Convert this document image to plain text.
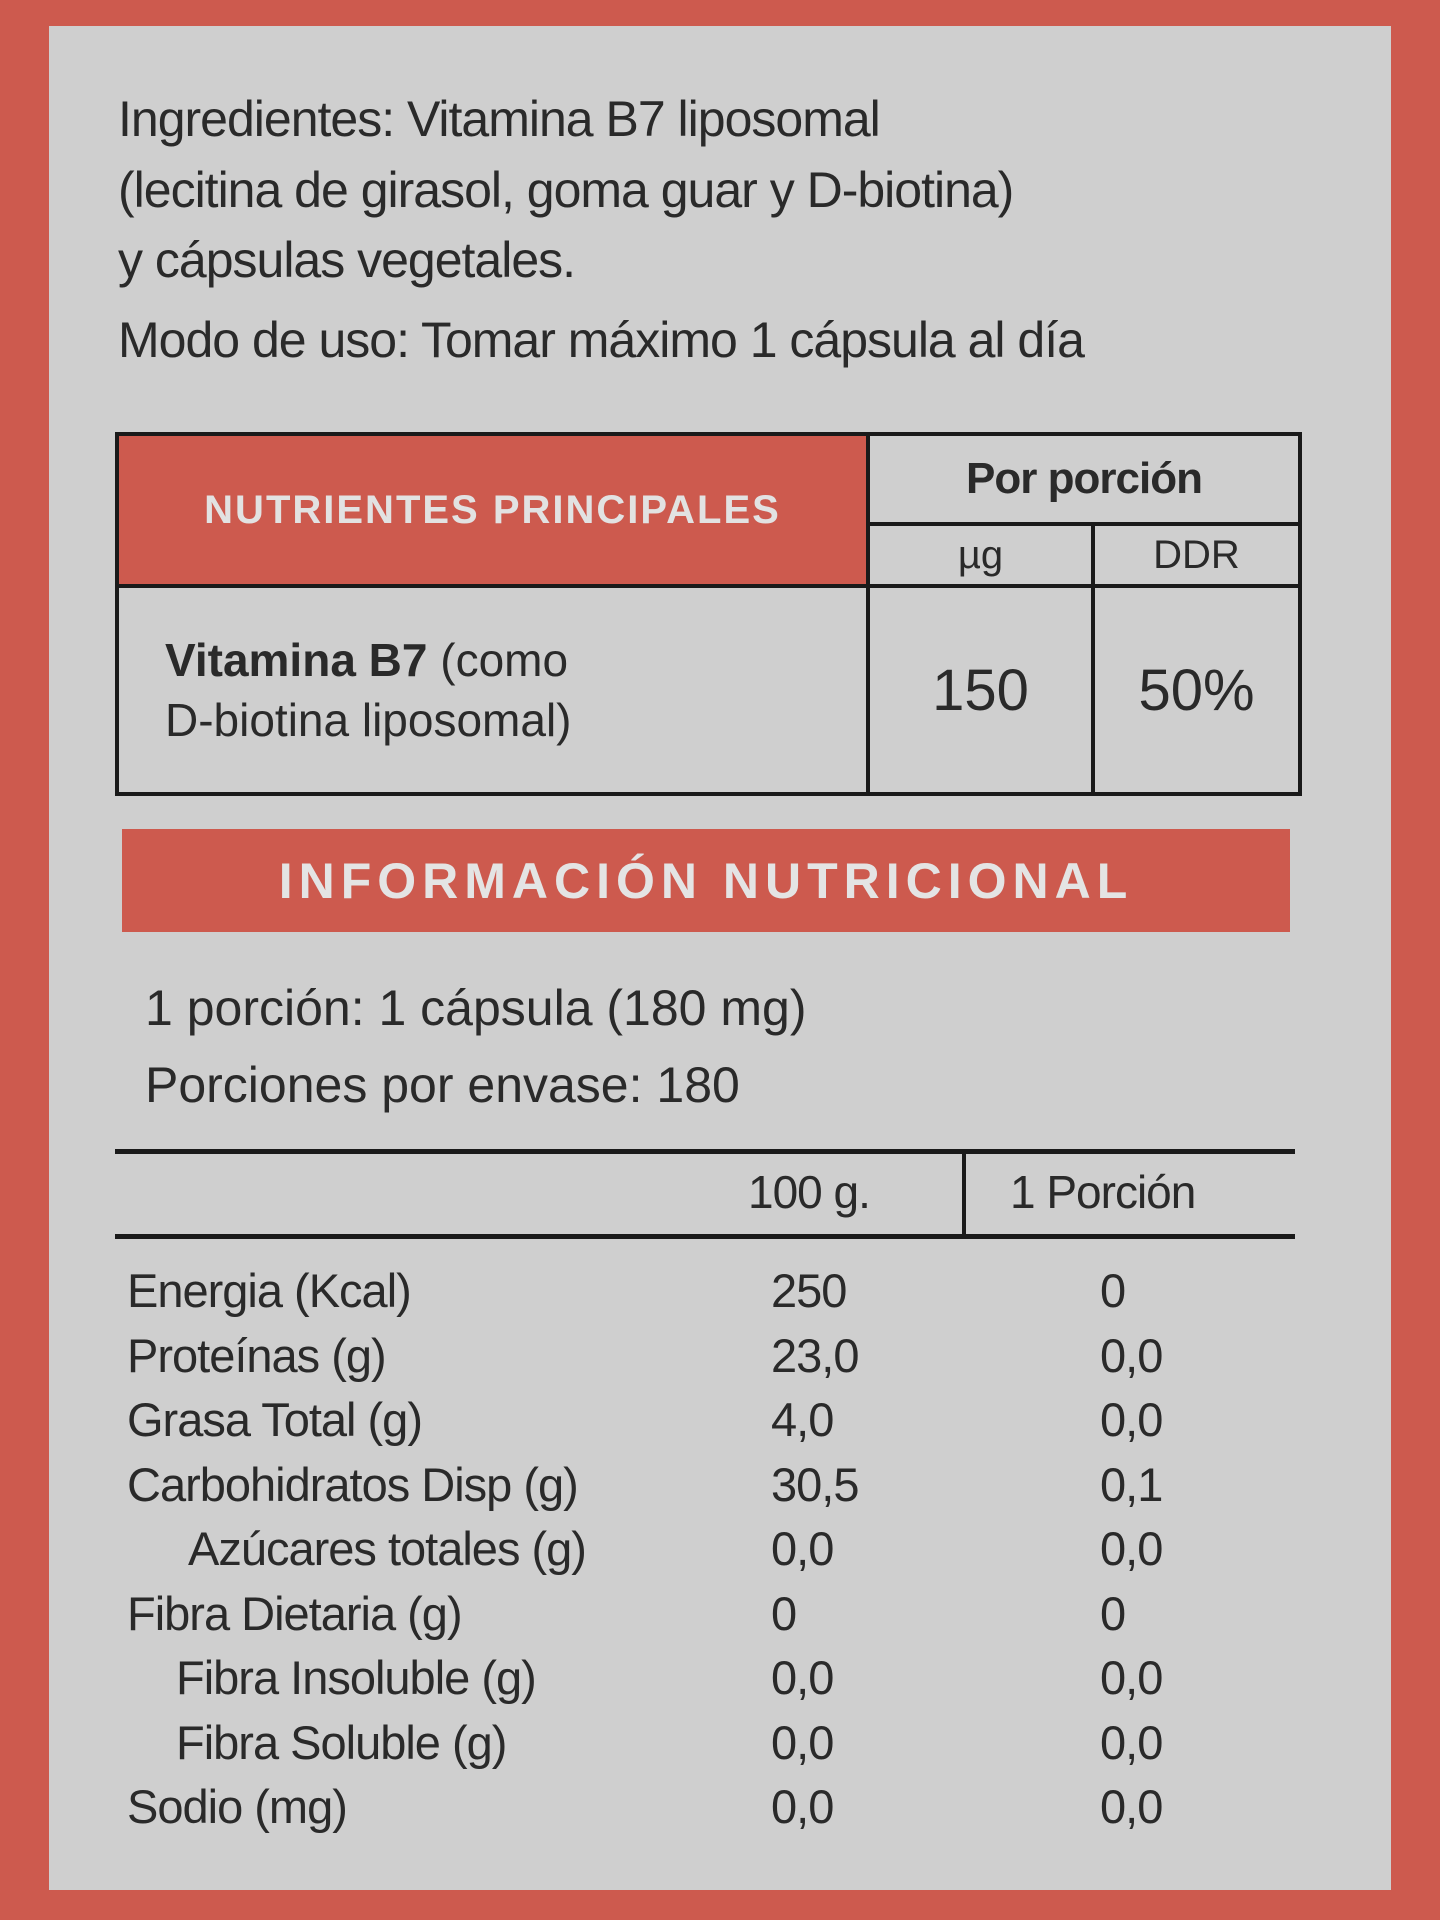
Ingredientes: Vitamina B7 liposomal
(lecitina de girasol, goma guar y D-biotina)
y cápsulas vegetales.
Modo de uso: Tomar máximo 1 cápsula al día
NUTRIENTES PRINCIPALES
Por porción
µg	DDR
Vitamina B7 (como
D-biotina liposomal)	150	50%
INFORMACIÓN NUTRICIONAL
1 porción: 1 cápsula (180 mg)
Porciones por envase: 180
100 g.	1 Porción
Energia (Kcal)	250	0
Proteínas (g)	23,0	0,0
Grasa Total (g)	4,0	0,0
Carbohidratos Disp (g)	30,5	0,1
Azúcares totales (g)	0,0	0,0
Fibra Dietaria (g)	0	0
Fibra Insoluble (g)	0,0	0,0
Fibra Soluble (g)	0,0	0,0
Sodio (mg)	0,0	0,0
